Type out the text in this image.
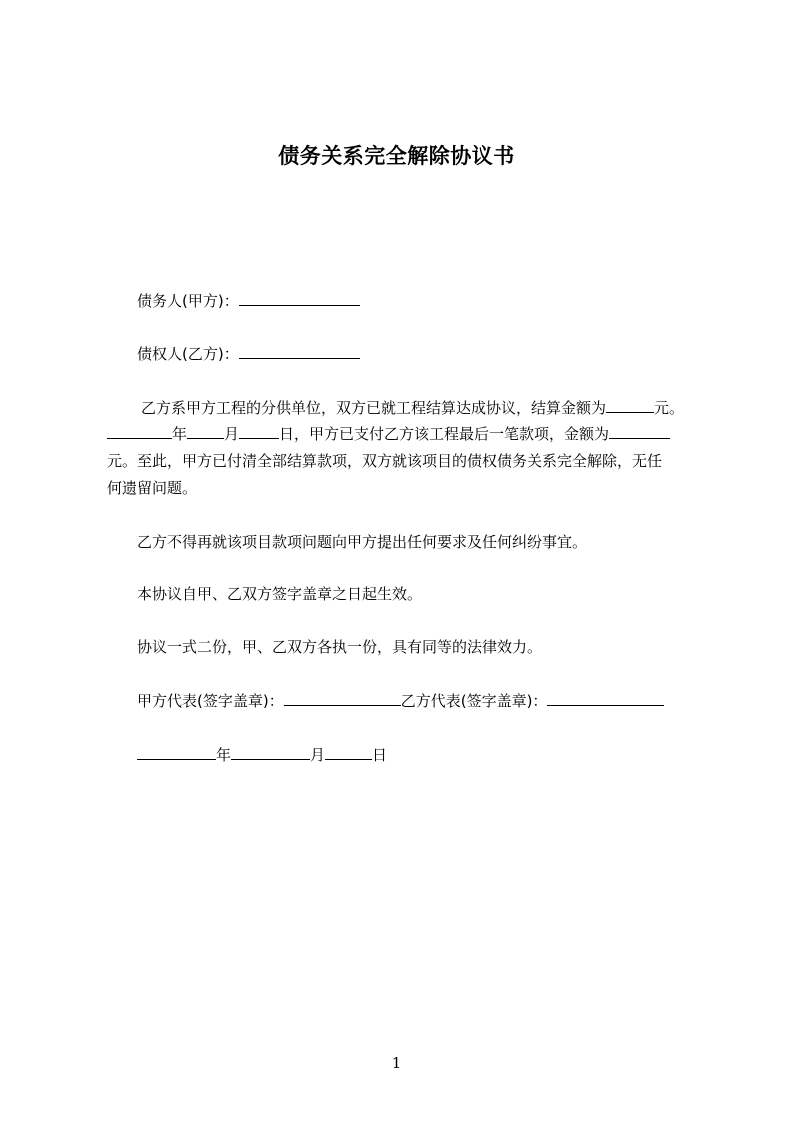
债务关系完全解除协议书
债务人(甲方)：
债权人(乙方)：
乙方系甲方工程的分供单位，双方已就工程结算达成协议，结算金额为	元。
年 月	日，甲方已支付乙方该工程最后一笔款项，金额为
元。至此，甲方已付清全部结算款项，双方就该项目的债权债务关系完全解除，无任
何遗留问题。
乙方不得再就该项目款项问题向甲方提出任何要求及任何纠纷事宜。
本协议自甲、乙双方签字盖章之日起生效。
协议一式二份，甲、乙双方各执一份，具有同等的法律效力。
甲方代表(签字盖章)：	乙方代表(签字盖章)：
年	月	日
1
